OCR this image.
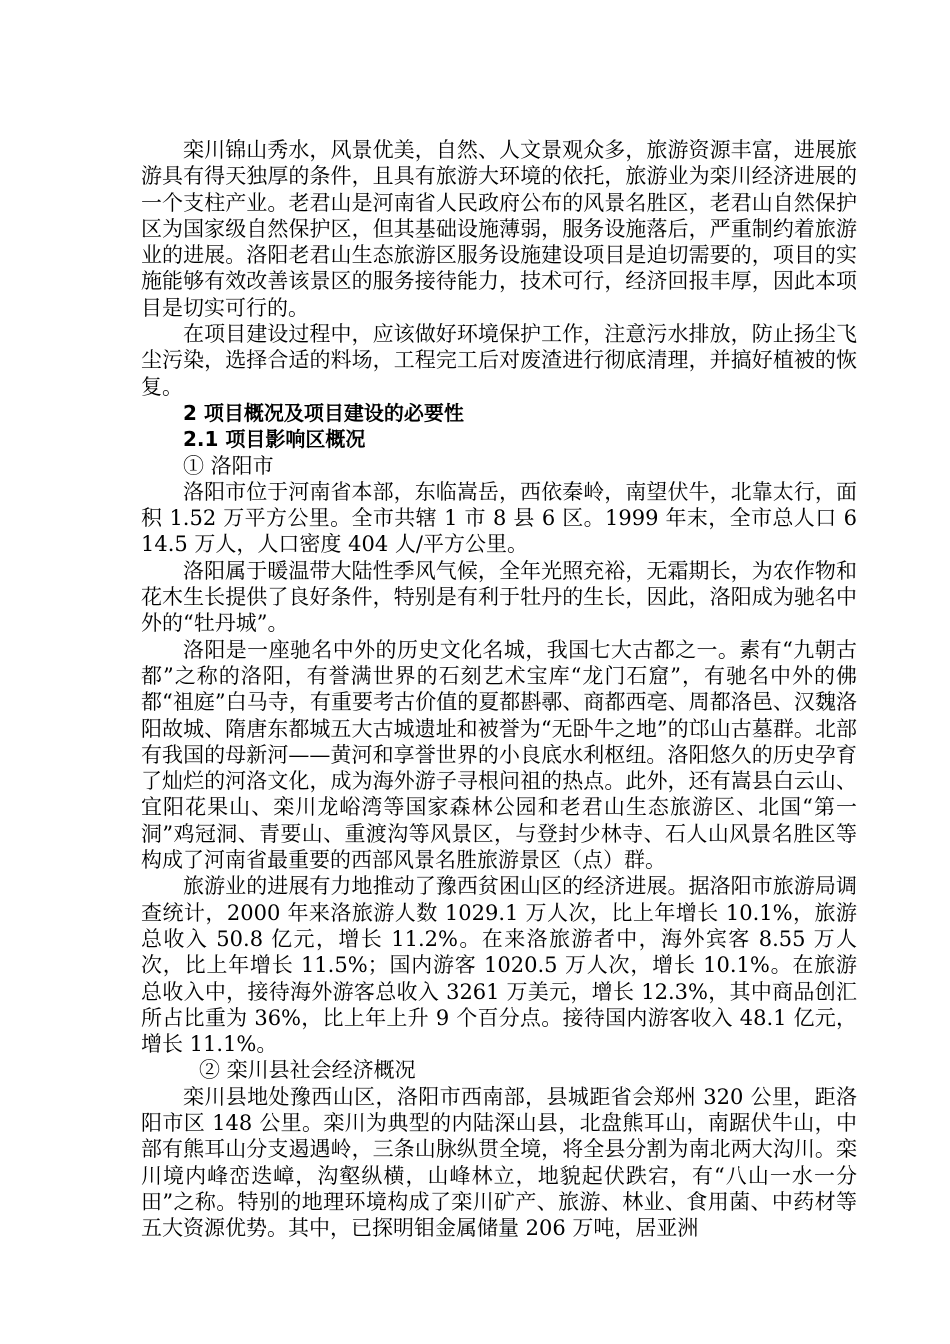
栾川锦山秀水，风景优美，自然、人文景观众多，旅游资源丰富，进展旅游具有得天独厚的条件，且具有旅游大环境的依托，旅游业为栾川经济进展的一个支柱产业。老君山是河南省人民政府公布的风景名胜区，老君山自然保护区为国家级自然保护区，但其基础设施薄弱，服务设施落后，严重制约着旅游业的进展。洛阳老君山生态旅游区服务设施建设项目是迫切需要的，项目的实施能够有效改善该景区的服务接待能力，技术可行，经济回报丰厚，因此本项目是切实可行的。

在项目建设过程中，应该做好环境保护工作，注意污水排放，防止扬尘飞尘污染，选择合适的料场，工程完工后对废渣进行彻底清理，并搞好植被的恢复。

2 项目概况及项目建设的必要性

2.1 项目影响区概况

① 洛阳市

洛阳市位于河南省本部，东临嵩岳，西依秦岭，南望伏牛，北靠太行，面积 1.52 万平方公里。全市共辖 1 市 8 县 6 区。1999 年末，全市总人口 614.5 万人，人口密度 404 人/平方公里。

洛阳属于暖温带大陆性季风气候，全年光照充裕，无霜期长，为农作物和花木生长提供了良好条件，特别是有利于牡丹的生长，因此，洛阳成为驰名中外的“牡丹城”。

洛阳是一座驰名中外的历史文化名城，我国七大古都之一。素有“九朝古都”之称的洛阳，有誉满世界的石刻艺术宝库“龙门石窟”，有驰名中外的佛都“祖庭”白马寺，有重要考古价值的夏都斟鄩、商都西亳、周都洛邑、汉魏洛阳故城、隋唐东都城五大古城遗址和被誉为“无卧牛之地”的邙山古墓群。北部有我国的母新河——黄河和享誉世界的小良底水利枢纽。洛阳悠久的历史孕育了灿烂的河洛文化，成为海外游子寻根问祖的热点。此外，还有嵩县白云山、宜阳花果山、栾川龙峪湾等国家森林公园和老君山生态旅游区、北国“第一洞”鸡冠洞、青要山、重渡沟等风景区，与登封少林寺、石人山风景名胜区等构成了河南省最重要的西部风景名胜旅游景区（点）群。

旅游业的进展有力地推动了豫西贫困山区的经济进展。据洛阳市旅游局调查统计，2000 年来洛旅游人数 1029.1 万人次，比上年增长 10.1%，旅游总收入 50.8 亿元，增长 11.2%。在来洛旅游者中，海外宾客 8.55 万人次，比上年增长 11.5%；国内游客 1020.5 万人次，增长 10.1%。在旅游总收入中，接待海外游客总收入 3261 万美元，增长 12.3%，其中商品创汇所占比重为 36%，比上年上升 9 个百分点。接待国内游客收入 48.1 亿元，增长 11.1%。

② 栾川县社会经济概况

栾川县地处豫西山区，洛阳市西南部，县城距省会郑州 320 公里，距洛阳市区 148 公里。栾川为典型的内陆深山县，北盘熊耳山，南踞伏牛山，中部有熊耳山分支遏遇岭，三条山脉纵贯全境，将全县分割为南北两大沟川。栾川境内峰峦迭嶂，沟壑纵横，山峰林立，地貌起伏跌宕，有“八山一水一分田”之称。特别的地理环境构成了栾川矿产、旅游、林业、食用菌、中药材等五大资源优势。其中，已探明钼金属储量 206 万吨，居亚洲
